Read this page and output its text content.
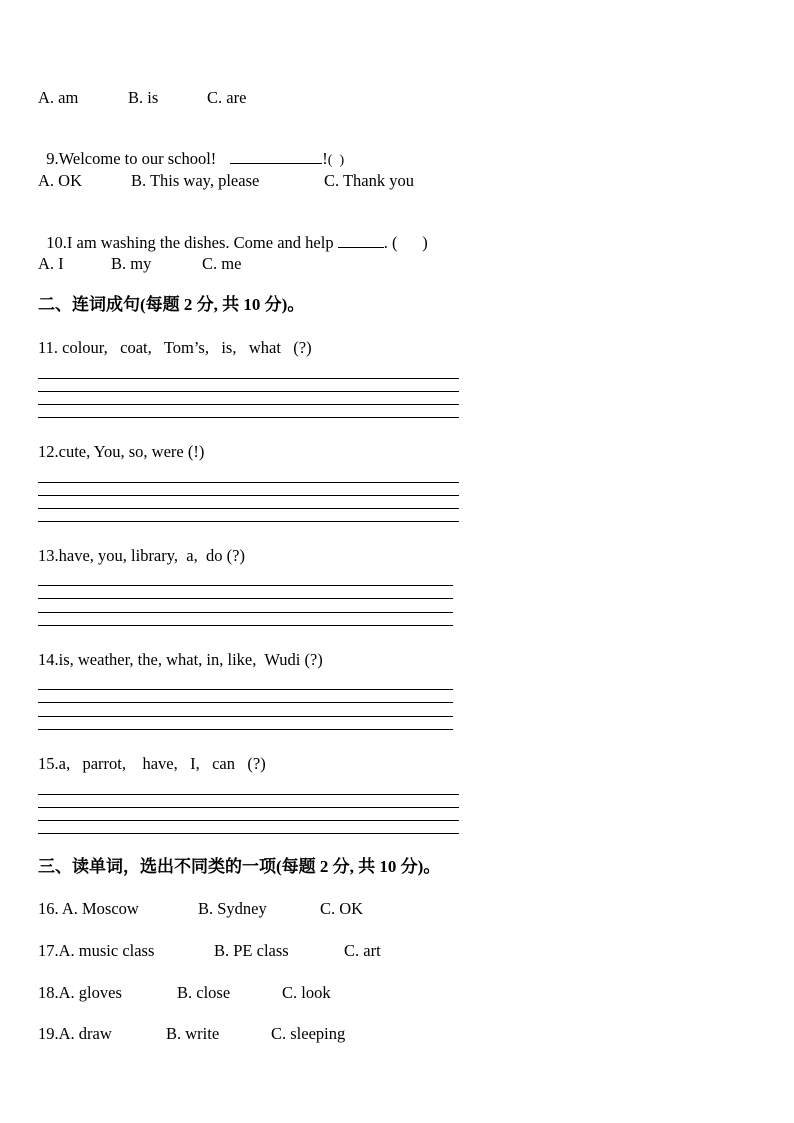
A. am	B. is	C. are

9.Welcome to our school!	!(  )

A. OK	B. This way, please	C. Thank you

10.I am washing the dishes. Come and help	. (      )

A. I	B. my	C. me
二、连词成句(每题 2 分, 共 10 分)。
11. colour,   coat,   Tom’s,   is,   what   (?)
12.cute, You, so, were (!)
13.have, you, library,  a,  do (?)
14.is, weather, the, what, in, like,  Wudi (?)
15.a,   parrot,    have,   I,   can   (?)
三、读单词，选出不同类的一项(每题 2 分, 共 10 分)。
16. A. Moscow	B. Sydney	C. OK
17.A. music class	B. PE class	C. art
18.A. gloves	B. close	C. look
19.A. draw	B. write	C. sleeping
